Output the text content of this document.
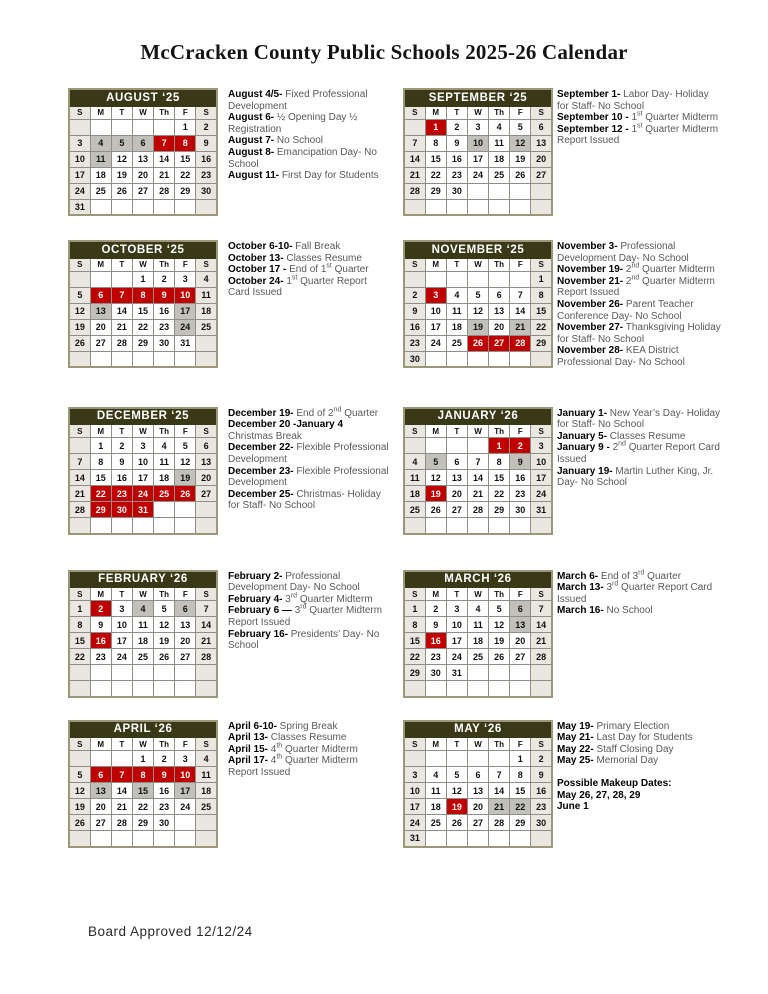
McCracken County Public Schools 2025-26 Calendar
AUGUST ‘25						
S	M	T	W	Th	F	S
					1	2
3	4	5	6	7	8	9
10	11	12	13	14	15	16
17	18	19	20	21	22	23
24	25	26	27	28	29	30
31						
August 4/5- Fixed Professional Development
August 6- ½ Opening Day ½ Registration
August 7- No School
August 8- Emancipation Day- No School
August 11- First Day for Students
SEPTEMBER ‘25						
S	M	T	W	Th	F	S
	1	2	3	4	5	6
7	8	9	10	11	12	13
14	15	16	17	18	19	20
21	22	23	24	25	26	27
28	29	30				

September 1- Labor Day- Holiday for Staff- No School
September 10 - 1st Quarter Midterm
September 12 - 1st Quarter Midterm Report Issued
OCTOBER ‘25						
S	M	T	W	Th	F	S
			1	2	3	4
5	6	7	8	9	10	11
12	13	14	15	16	17	18
19	20	21	22	23	24	25
26	27	28	29	30	31	

October 6-10- Fall Break
October 13- Classes Resume
October 17 - End of 1st Quarter
October 24- 1st Quarter Report Card Issued
NOVEMBER ‘25						
S	M	T	W	Th	F	S
						1
2	3	4	5	6	7	8
9	10	11	12	13	14	15
16	17	18	19	20	21	22
23	24	25	26	27	28	29
30						
November 3- Professional Development Day- No School
November 19- 2nd Quarter Midterm
November 21- 2nd Quarter Midterm Report Issued
November 26- Parent Teacher Conference Day- No School
November 27- Thanksgiving Holiday for Staff- No School
November 28- KEA District Professional Day- No School
DECEMBER ‘25						
S	M	T	W	Th	F	S
	1	2	3	4	5	6
7	8	9	10	11	12	13
14	15	16	17	18	19	20
21	22	23	24	25	26	27
28	29	30	31			

December 19- End of 2nd Quarter
December 20 -January 4 Christmas Break
December 22- Flexible Professional Development
December 23- Flexible Professional Development
December 25- Christmas- Holiday for Staff- No School
JANUARY ‘26						
S	M	T	W	Th	F	S
				1	2	3
4	5	6	7	8	9	10
11	12	13	14	15	16	17
18	19	20	21	22	23	24
25	26	27	28	29	30	31

January 1- New Year’s Day- Holiday for Staff- No School
January 5- Classes Resume
January 9 - 2nd Quarter Report Card Issued
January 19- Martin Luther King, Jr. Day- No School
FEBRUARY ‘26						
S	M	T	W	Th	F	S
1	2	3	4	5	6	7
8	9	10	11	12	13	14
15	16	17	18	19	20	21
22	23	24	25	26	27	28

February 2- Professional Development Day- No School
February 4- 3rd Quarter Midterm
February 6 — 3rd Quarter Midterm Report Issued
February 16- Presidents’ Day- No School
MARCH ‘26						
S	M	T	W	Th	F	S
1	2	3	4	5	6	7
8	9	10	11	12	13	14
15	16	17	18	19	20	21
22	23	24	25	26	27	28
29	30	31				

March 6- End of 3rd Quarter
March 13- 3rd Quarter Report Card Issued
March 16- No School
APRIL ‘26						
S	M	T	W	Th	F	S
			1	2	3	4
5	6	7	8	9	10	11
12	13	14	15	16	17	18
19	20	21	22	23	24	25
26	27	28	29	30		

April 6-10- Spring Break
April 13- Classes Resume
April 15- 4th Quarter Midterm
April 17- 4th Quarter Midterm Report Issued
MAY ‘26						
S	M	T	W	Th	F	S
					1	2
3	4	5	6	7	8	9
10	11	12	13	14	15	16
17	18	19	20	21	22	23
24	25	26	27	28	29	30
31						
May 19- Primary Election
May 21- Last Day for Students
May 22- Staff Closing Day
May 25- Memorial Day
Possible Makeup Dates:
May 26, 27, 28, 29
June 1
Board Approved 12/12/24
